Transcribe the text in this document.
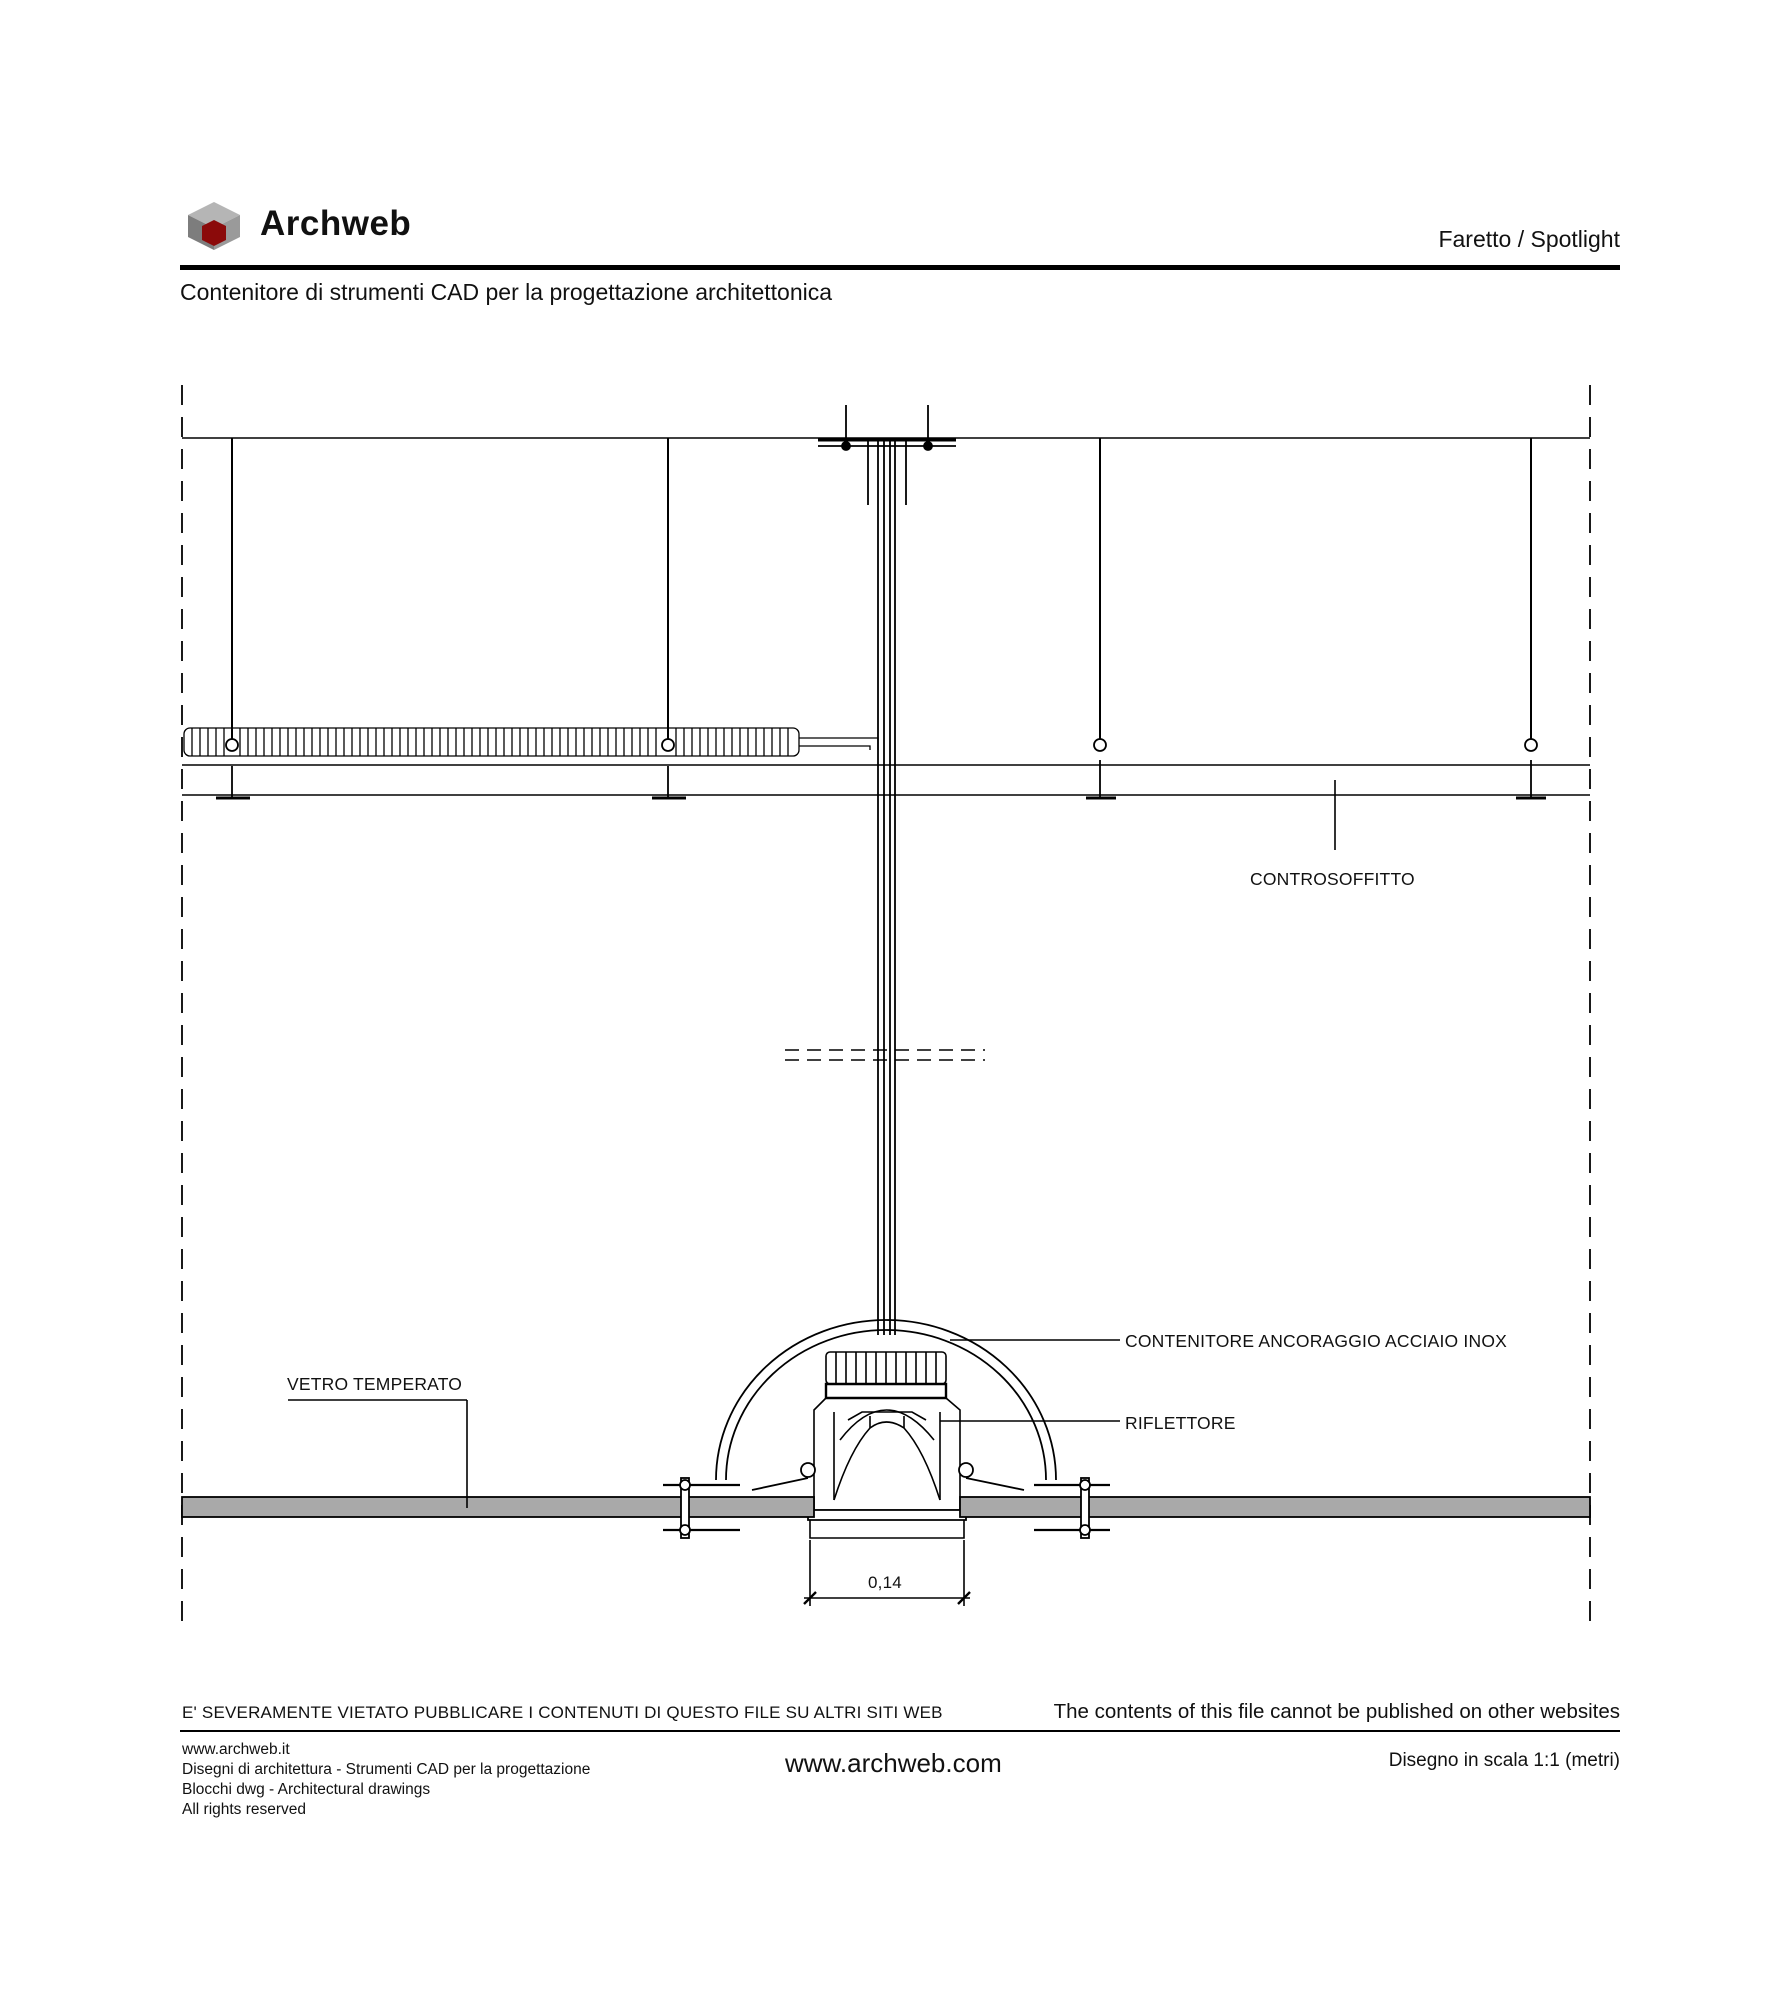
Archweb	Faretto / Spotlight
Contenitore di strumenti CAD per la progettazione architettonica
CONTROSOFFITTO
CONTENITORE ANCORAGGIO ACCIAIO INOX
VETRO TEMPERATO
RIFLETTORE
0,14
E' SEVERAMENTE VIETATO PUBBLICARE I CONTENUTI DI QUESTO FILE SU ALTRI SITI WEB	The contents of this file cannot be published on other websites
www.archweb.it
Disegni di architettura - Strumenti CAD per la progettazione
Blocchi dwg - Architectural drawings
All rights reserved
www.archweb.com	Disegno in scala 1:1 (metri)
